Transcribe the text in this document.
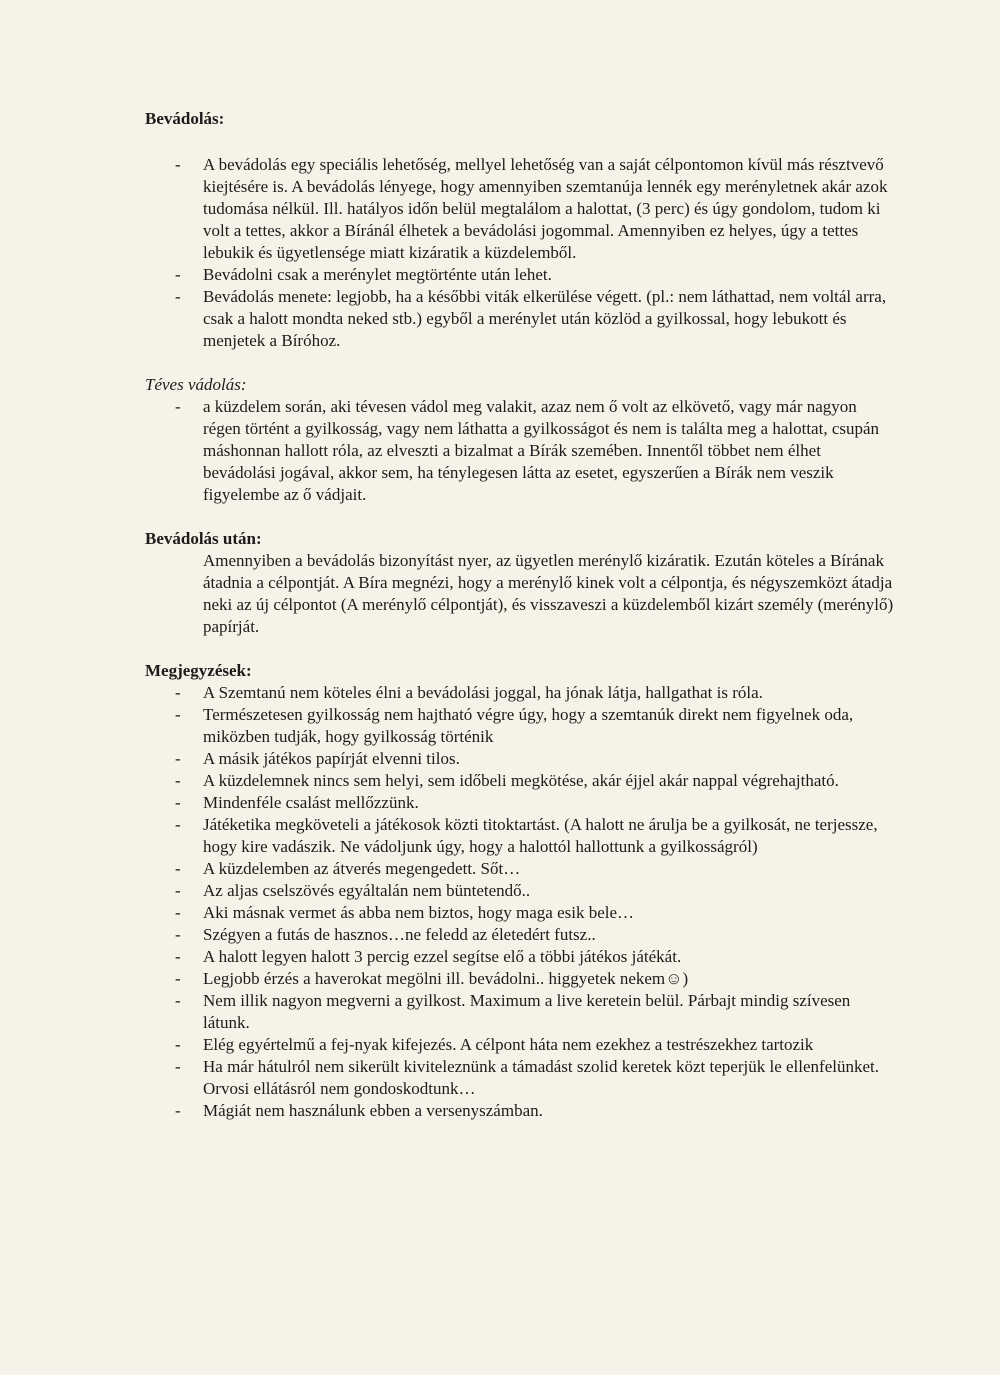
Bevádolás:
- A bevádolás egy speciális lehetőség, mellyel lehetőség van a saját célpontomon kívül más résztvevő kiejtésére is. A bevádolás lényege, hogy amennyiben szemtanúja lennék egy merényletnek akár azok tudomása nélkül. Ill. hatályos időn belül megtalálom a halottat, (3 perc) és úgy gondolom, tudom ki volt a tettes, akkor a Bíránál élhetek a bevádolási jogommal. Amennyiben ez helyes, úgy a tettes lebukik és ügyetlensége miatt kizáratik a küzdelemből.
- Bevádolni csak a merénylet megtörténte után lehet.
- Bevádolás menete: legjobb, ha a későbbi viták elkerülése végett. (pl.: nem láthattad, nem voltál arra, csak a halott mondta neked stb.) egyből a merénylet után közlöd a gyilkossal, hogy lebukott és menjetek a Bíróhoz.

Téves vádolás:

- a küzdelem során, aki tévesen vádol meg valakit, azaz nem ő volt az elkövető, vagy már nagyon régen történt a gyilkosság, vagy nem láthatta a gyilkosságot és nem is találta meg a halottat, csupán máshonnan hallott róla, az elveszti a bizalmat a Bírák szemében. Innentől többet nem élhet bevádolási jogával, akkor sem, ha ténylegesen látta az esetet, egyszerűen a Bírák nem veszik figyelembe az ő vádjait.
Bevádolás után:

Amennyiben a bevádolás bizonyítást nyer, az ügyetlen merénylő kizáratik. Ezután köteles a Bírának átadnia a célpontját. A Bíra megnézi, hogy a merénylő kinek volt a célpontja, és négyszemközt átadja neki az új célpontot (A merénylő célpontját), és visszaveszi a küzdelemből kizárt személy (merénylő) papírját.

Megjegyzések:
- A Szemtanú nem köteles élni a bevádolási joggal, ha jónak látja, hallgathat is róla.
- Természetesen gyilkosság nem hajtható végre úgy, hogy a szemtanúk direkt nem figyelnek oda, miközben tudják, hogy gyilkosság történik
- A másik játékos papírját elvenni tilos.
- A küzdelemnek nincs sem helyi, sem időbeli megkötése, akár éjjel akár nappal végrehajtható.
- Mindenféle csalást mellőzzünk.
- Játéketika megköveteli a játékosok közti titoktartást. (A halott ne árulja be a gyilkosát, ne terjessze, hogy kire vadászik. Ne vádoljunk úgy, hogy a halottól hallottunk a gyilkosságról)
- A küzdelemben az átverés megengedett. Sőt…
- Az aljas cselszövés egyáltalán nem büntetendő..
- Aki másnak vermet ás abba nem biztos, hogy maga esik bele…
- Szégyen a futás de hasznos…ne feledd az életedért futsz..
- A halott legyen halott 3 percig ezzel segítse elő a többi játékos játékát.
- Legjobb érzés a haverokat megölni ill. bevádolni.. higgyetek nekem☺)
- Nem illik nagyon megverni a gyilkost. Maximum a live keretein belül. Párbajt mindig szívesen látunk.
- Elég egyértelmű a fej-nyak kifejezés. A célpont háta nem ezekhez a testrészekhez tartozik
- Ha már hátulról nem sikerült kiviteleznünk a támadást szolid keretek közt teperjük le ellenfelünket. Orvosi ellátásról nem gondoskodtunk…
- Mágiát nem használunk ebben a versenyszámban.
